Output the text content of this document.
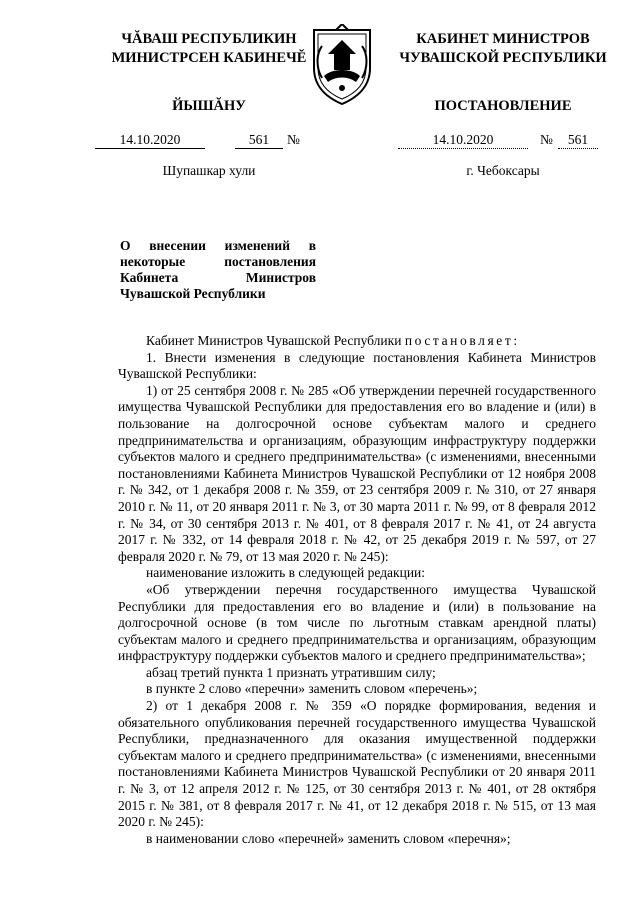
ЧĂВАШ РЕСПУБЛИКИН
МИНИСТРСЕН КАБИНЕЧĔ
ЙЫШĂНУ
КАБИНЕТ МИНИСТРОВ
ЧУВАШСКОЙ РЕСПУБЛИКИ
ПОСТАНОВЛЕНИЕ
14.10.2020	561	№	14.10.2020	№	561
Шупашкар хули	г. Чебоксары
О внесении изменений в некоторые постановления Кабинета Министров Чувашской Республики

Кабинет Министров Чувашской Республики постановляет:

1. Внести изменения в следующие постановления Кабинета Министров Чувашской Республики:

1) от 25 сентября 2008 г. № 285 «Об утверждении перечней государственного имущества Чувашской Республики для предоставления его во владение и (или) в пользование на долгосрочной основе субъектам малого и среднего предпринимательства и организациям, образующим инфраструктуру поддержки субъектов малого и среднего предпринимательства» (с изменениями, внесенными постановлениями Кабинета Министров Чувашской Республики от 12 ноября 2008 г. № 342, от 1 декабря 2008 г. № 359, от 23 сентября 2009 г. № 310, от 27 января 2010 г. № 11, от 20 января 2011 г. № 3, от 30 марта 2011 г. № 99, от 8 февраля 2012 г. № 34, от 30 сентября 2013 г. № 401, от 8 февраля 2017 г. № 41, от 24 августа 2017 г. № 332, от 14 февраля 2018 г. № 42, от 25 декабря 2019 г. № 597, от 27 февраля 2020 г. № 79, от 13 мая 2020 г. № 245):

наименование изложить в следующей редакции:

«Об утверждении перечня государственного имущества Чувашской Республики для предоставления его во владение и (или) в пользование на долгосрочной основе (в том числе по льготным ставкам арендной платы) субъектам малого и среднего предпринимательства и организациям, образующим инфраструктуру поддержки субъектов малого и среднего предпринимательства»;

абзац третий пункта 1 признать утратившим силу;

в пункте 2 слово «перечни» заменить словом «перечень»;

2) от 1 декабря 2008 г. № 359 «О порядке формирования, ведения и обязательного опубликования перечней государственного имущества Чувашской Республики, предназначенного для оказания имущественной поддержки субъектам малого и среднего предпринимательства» (с изменениями, внесенными постановлениями Кабинета Министров Чувашской Республики от 20 января 2011 г. № 3, от 12 апреля 2012 г. № 125, от 30 сентября 2013 г. № 401, от 28 октября 2015 г. № 381, от 8 февраля 2017 г. № 41, от 12 декабря 2018 г. № 515, от 13 мая 2020 г. № 245):

в наименовании слово «перечней» заменить словом «перечня»;
